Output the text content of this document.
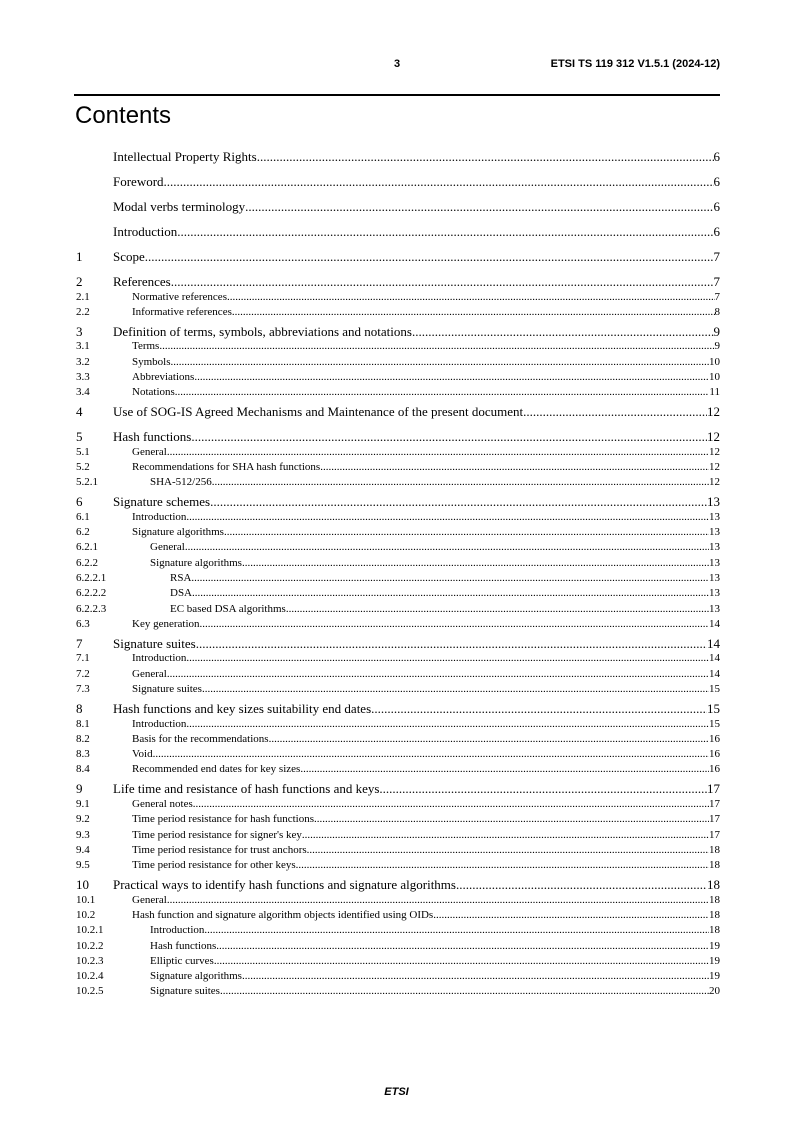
3	ETSI TS 119 312 V1.5.1 (2024-12)
Contents
Intellectual Property Rights .....	6
Foreword .....	6
Modal verbs terminology .....	6
Introduction .....	6
1	Scope .....	7
2	References .....	7
2.1	Normative references .....	7
2.2	Informative references .....	8
3	Definition of terms, symbols, abbreviations and notations .....	9
3.1	Terms .....	9
3.2	Symbols .....	10
3.3	Abbreviations .....	10
3.4	Notations .....	11
4	Use of SOG-IS Agreed Mechanisms and Maintenance of the present document .....	12
5	Hash functions .....	12
5.1	General .....	12
5.2	Recommendations for SHA hash functions .....	12
5.2.1	SHA-512/256 .....	12
6	Signature schemes .....	13
6.1	Introduction .....	13
6.2	Signature algorithms .....	13
6.2.1	General .....	13
6.2.2	Signature algorithms .....	13
6.2.2.1	RSA .....	13
6.2.2.2	DSA .....	13
6.2.2.3	EC based DSA algorithms .....	13
6.3	Key generation .....	14
7	Signature suites .....	14
7.1	Introduction .....	14
7.2	General .....	14
7.3	Signature suites .....	15
8	Hash functions and key sizes suitability end dates .....	15
8.1	Introduction .....	15
8.2	Basis for the recommendations .....	16
8.3	Void .....	16
8.4	Recommended end dates for key sizes .....	16
9	Life time and resistance of hash functions and keys .....	17
9.1	General notes .....	17
9.2	Time period resistance for hash functions .....	17
9.3	Time period resistance for signer's key .....	17
9.4	Time period resistance for trust anchors .....	18
9.5	Time period resistance for other keys .....	18
10	Practical ways to identify hash functions and signature algorithms .....	18
10.1	General .....	18
10.2	Hash function and signature algorithm objects identified using OIDs .....	18
10.2.1	Introduction .....	18
10.2.2	Hash functions .....	19
10.2.3	Elliptic curves .....	19
10.2.4	Signature algorithms .....	19
10.2.5	Signature suites .....	20
ETSI
